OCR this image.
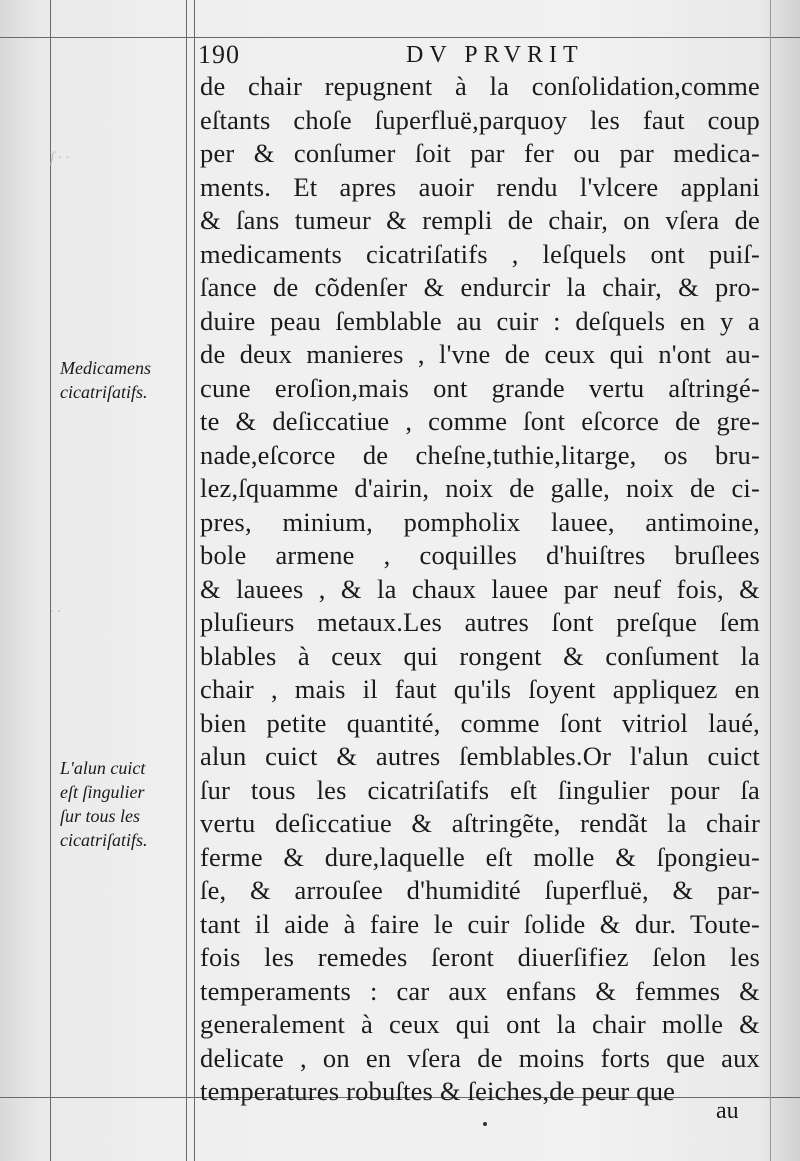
ſ · ·
. .
190	DV PRVRIT
de chair repugnent à la conſolidation,comme
eſtants choſe ſuperfluë,parquoy les faut coup
per & conſumer ſoit par fer ou par medica-
ments. Et apres auoir rendu l'vlcere applani
& ſans tumeur & rempli de chair, on vſera de
medicaments cicatriſatifs , leſquels ont puiſ-
ſance de cõdenſer & endurcir la chair, & pro-
duire peau ſemblable au cuir : deſquels en y a
de deux manieres , l'vne de ceux qui n'ont au-
cune eroſion,mais ont grande vertu aſtringé-
te & deſiccatiue , comme ſont eſcorce de gre-
nade,eſcorce de cheſne,tuthie,litarge, os bru-
lez,ſquamme d'airin, noix de galle, noix de ci-
pres, minium, pompholix lauee, antimoine,
bole armene , coquilles d'huiſtres bruſlees
& lauees , & la chaux lauee par neuf fois, &
pluſieurs metaux.Les autres ſont preſque ſem
blables à ceux qui rongent & conſument la
chair , mais il faut qu'ils ſoyent appliquez en
bien petite quantité, comme ſont vitriol laué,
alun cuict & autres ſemblables.Or l'alun cuict
ſur tous les cicatriſatifs eſt ſingulier pour ſa
vertu deſiccatiue & aſtringẽte, rendãt la chair
ferme & dure,laquelle eſt molle & ſpongieu-
ſe, & arrouſee d'humidité ſuperfluë, & par-
tant il aide à faire le cuir ſolide & dur. Toute-
fois les remedes ſeront diuerſifiez ſelon les
temperaments : car aux enfans & femmes &
generalement à ceux qui ont la chair molle &
delicate , on en vſera de moins forts que aux
temperatures robuſtes & ſeiches,de peur que
Medicamens
cicatriſatifs.
L'alun cuict
eſt ſingulier
ſur tous les
cicatriſatifs.
au
